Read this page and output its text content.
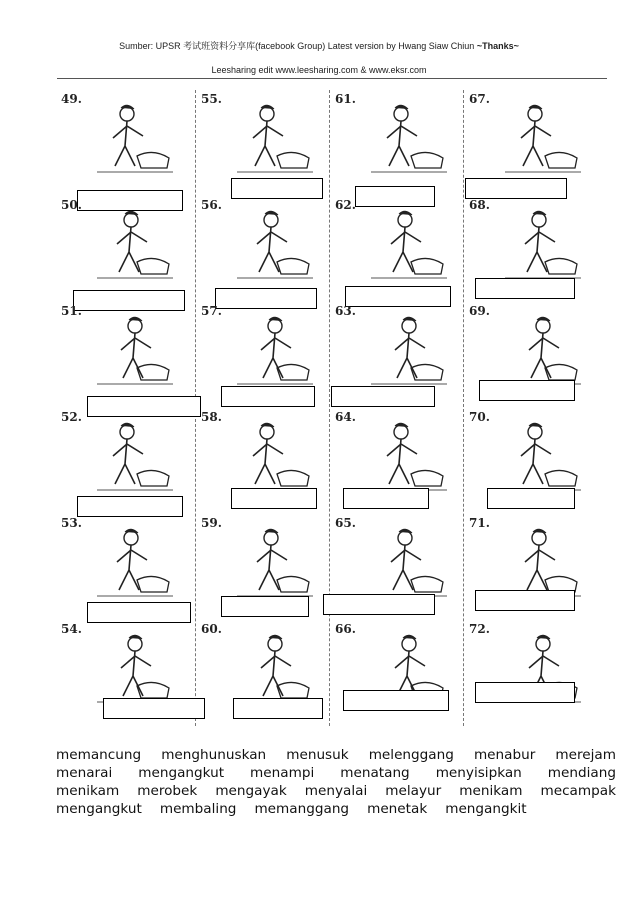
Sumber: UPSR 考试班资料分享库(facebook Group) Latest version by Hwang Siaw Chiun ~Thanks~
Leesharing edit www.leesharing.com & www.eksr.com
49.
50.
51.
52.
53.
54.
55.
56.
57.
58.
59.
60.
61.
62.
63.
64.
65.
66.
67.
68.
69.
70.
71.
72.
memancung menghunuskan menusuk melenggang menabur merejam
menarai mengangkut menampi menatang menyisipkan mendiang
menikam merobek mengayak menyalai melayur menikam mecampak
mengangkut membaling memanggang menetak mengangkit
